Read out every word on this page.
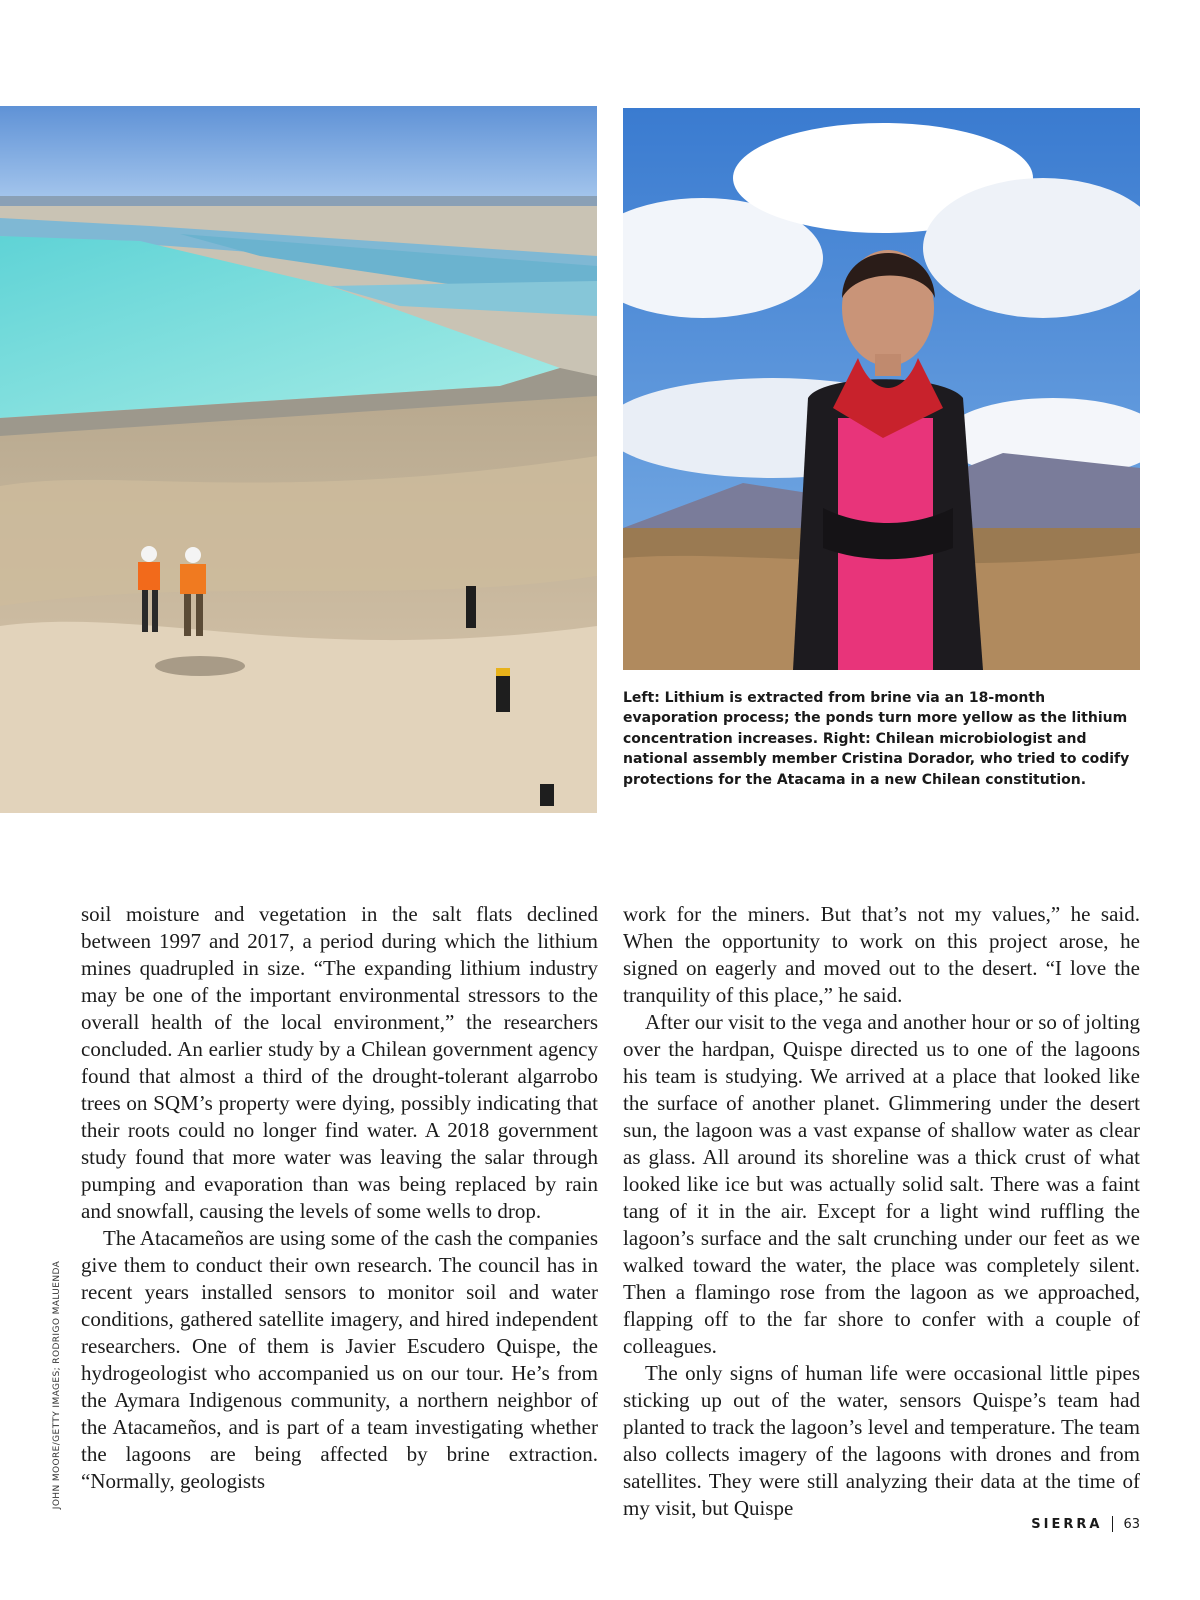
Left: Lithium is extracted from brine via an 18-month evaporation process; the ponds turn more yellow as the lithium concentration increases. Right: Chilean microbiologist and national assembly member Cristina Dorador, who tried to codify protections for the Atacama in a new Chilean constitution.
JOHN MOORE/GETTY IMAGES; RODRIGO MALUENDA

soil moisture and vegetation in the salt flats declined between 1997 and 2017, a period during which the lithium mines quadrupled in size. “The expanding lithium industry may be one of the important environmental stressors to the overall health of the local environment,” the researchers concluded. An earlier study by a Chilean government agency found that almost a third of the drought-tolerant algarrobo trees on SQM’s property were dying, possibly indicating that their roots could no longer find water. A 2018 government study found that more water was leaving the salar through pumping and evaporation than was being replaced by rain and snowfall, causing the levels of some wells to drop.

The Atacameños are using some of the cash the companies give them to conduct their own research. The council has in recent years installed sensors to monitor soil and water conditions, gathered satellite imagery, and hired independent researchers. One of them is Javier Escudero Quispe, the hydrogeologist who accompanied us on our tour. He’s from the Aymara Indigenous community, a northern neighbor of the Atacameños, and is part of a team investigating whether the lagoons are being affected by brine extraction. “Normally, geologists

work for the miners. But that’s not my values,” he said. When the opportunity to work on this project arose, he signed on eagerly and moved out to the desert. “I love the tranquility of this place,” he said.

After our visit to the vega and another hour or so of jolting over the hardpan, Quispe directed us to one of the lagoons his team is studying. We arrived at a place that looked like the surface of another planet. Glimmering under the desert sun, the lagoon was a vast expanse of shallow water as clear as glass. All around its shoreline was a thick crust of what looked like ice but was actually solid salt. There was a faint tang of it in the air. Except for a light wind ruffling the lagoon’s surface and the salt crunching under our feet as we walked toward the water, the place was completely silent. Then a flamingo rose from the lagoon as we approached, flapping off to the far shore to confer with a couple of colleagues.

The only signs of human life were occasional little pipes sticking up out of the water, sensors Quispe’s team had planted to track the lagoon’s level and temperature. The team also collects imagery of the lagoons with drones and from satellites. They were still analyzing their data at the time of my visit, but Quispe

SIERRA 63
